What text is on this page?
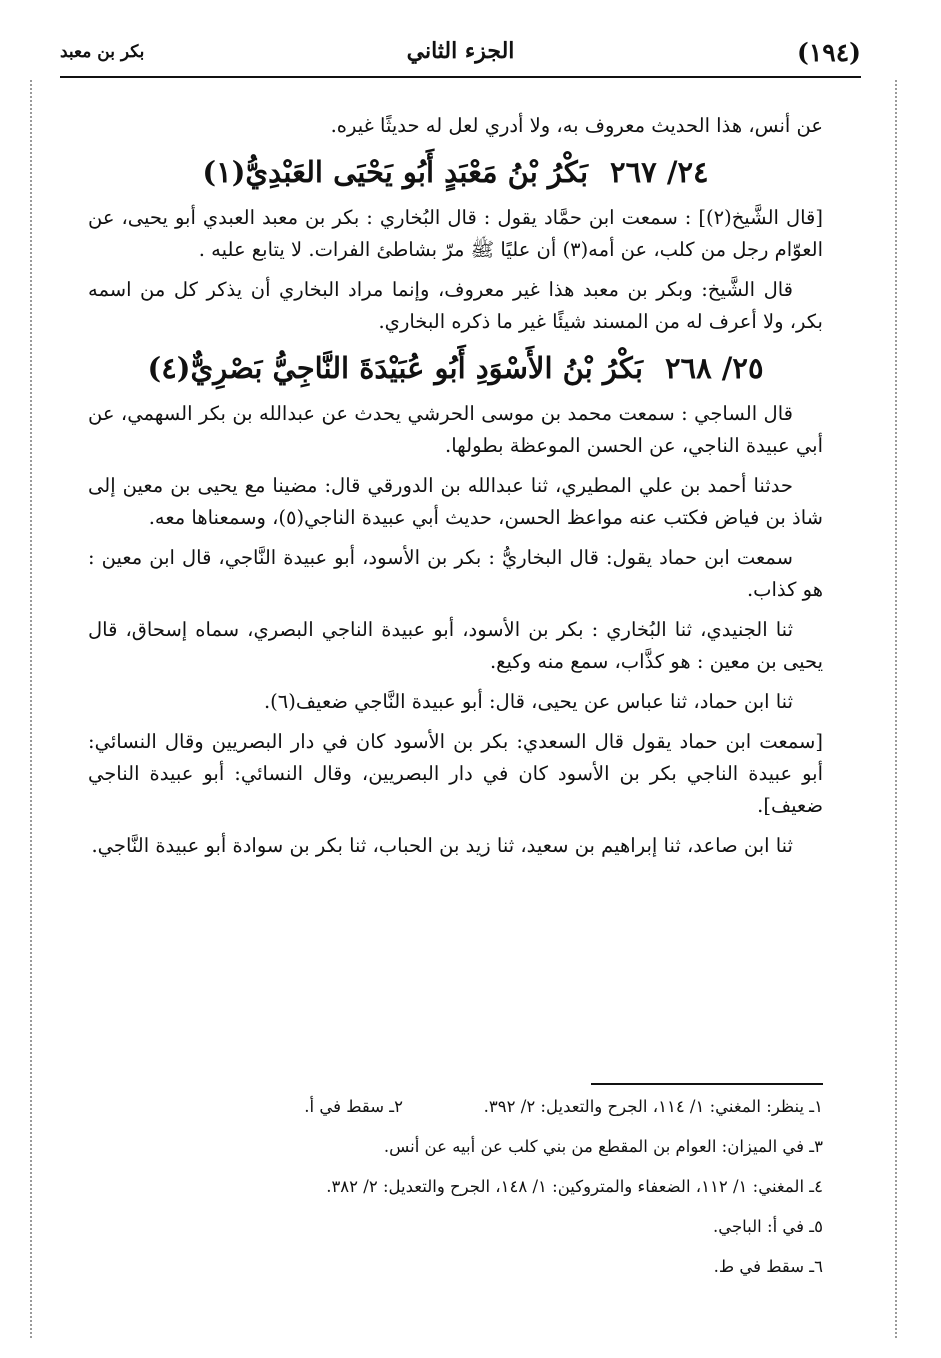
(١٩٤)
الجزء الثاني
بكر بن معبد

عن أنس، هذا الحديث معروف به، ولا أدري لعل له حديثًا غيره.

٢٤/ ٢٦٧بَكْرُ بْنُ مَعْبَدٍ أَبُو يَحْيَى العَبْدِيُّ(١)

[قال الشَّيخ(٢)] : سمعت ابن حمَّاد يقول : قال البُخاري : بكر بن معبد العبدي أبو يحيى، عن العوّام رجل من كلب، عن أمه(٣) أن عليًا ﷺ مرّ بشاطئ الفرات. لا يتابع عليه .

قال الشَّيخ: وبكر بن معبد هذا غير معروف، وإنما مراد البخاري أن يذكر كل من اسمه بكر، ولا أعرف له من المسند شيئًا غير ما ذكره البخاري.

٢٥/ ٢٦٨بَكْرُ بْنُ الأَسْوَدِ أَبُو عُبَيْدَةَ النَّاجِيُّ بَصْرِيٌّ(٤)

قال الساجي : سمعت محمد بن موسى الحرشي يحدث عن عبدالله بن بكر السهمي، عن أبي عبيدة الناجي، عن الحسن الموعظة بطولها.

حدثنا أحمد بن علي المطيري، ثنا عبدالله بن الدورقي قال: مضينا مع يحيى بن معين إلى شاذ بن فياض فكتب عنه مواعظ الحسن، حديث أبي عبيدة الناجي(٥)، وسمعناها معه.

سمعت ابن حماد يقول: قال البخاريُّ : بكر بن الأسود، أبو عبيدة النَّاجي، قال ابن معين : هو كذاب.

ثنا الجنيدي، ثنا البُخاري : بكر بن الأسود، أبو عبيدة الناجي البصري، سماه إسحاق، قال يحيى بن معين : هو كذَّاب، سمع منه وكيع.

ثنا ابن حماد، ثنا عباس عن يحيى، قال: أبو عبيدة النَّاجي ضعيف(٦).

[سمعت ابن حماد يقول قال السعدي: بكر بن الأسود كان في دار البصريين وقال النسائي: أبو عبيدة الناجي بكر بن الأسود كان في دار البصريين، وقال النسائي: أبو عبيدة الناجي ضعيف].

ثنا ابن صاعد، ثنا إبراهيم بن سعيد، ثنا زيد بن الحباب، ثنا بكر بن سوادة أبو عبيدة النَّاجي.

١ـ ينظر: المغني: ١/ ١١٤، الجرح والتعديل: ٢/ ٣٩٢.
٢ـ سقط في أ.
٣ـ في الميزان: العوام بن المقطع من بني كلب عن أبيه عن أنس.
٤ـ المغني: ١/ ١١٢، الضعفاء والمتروكين: ١/ ١٤٨، الجرح والتعديل: ٢/ ٣٨٢.
٥ـ في أ: الباجي.
٦ـ سقط في ط.
